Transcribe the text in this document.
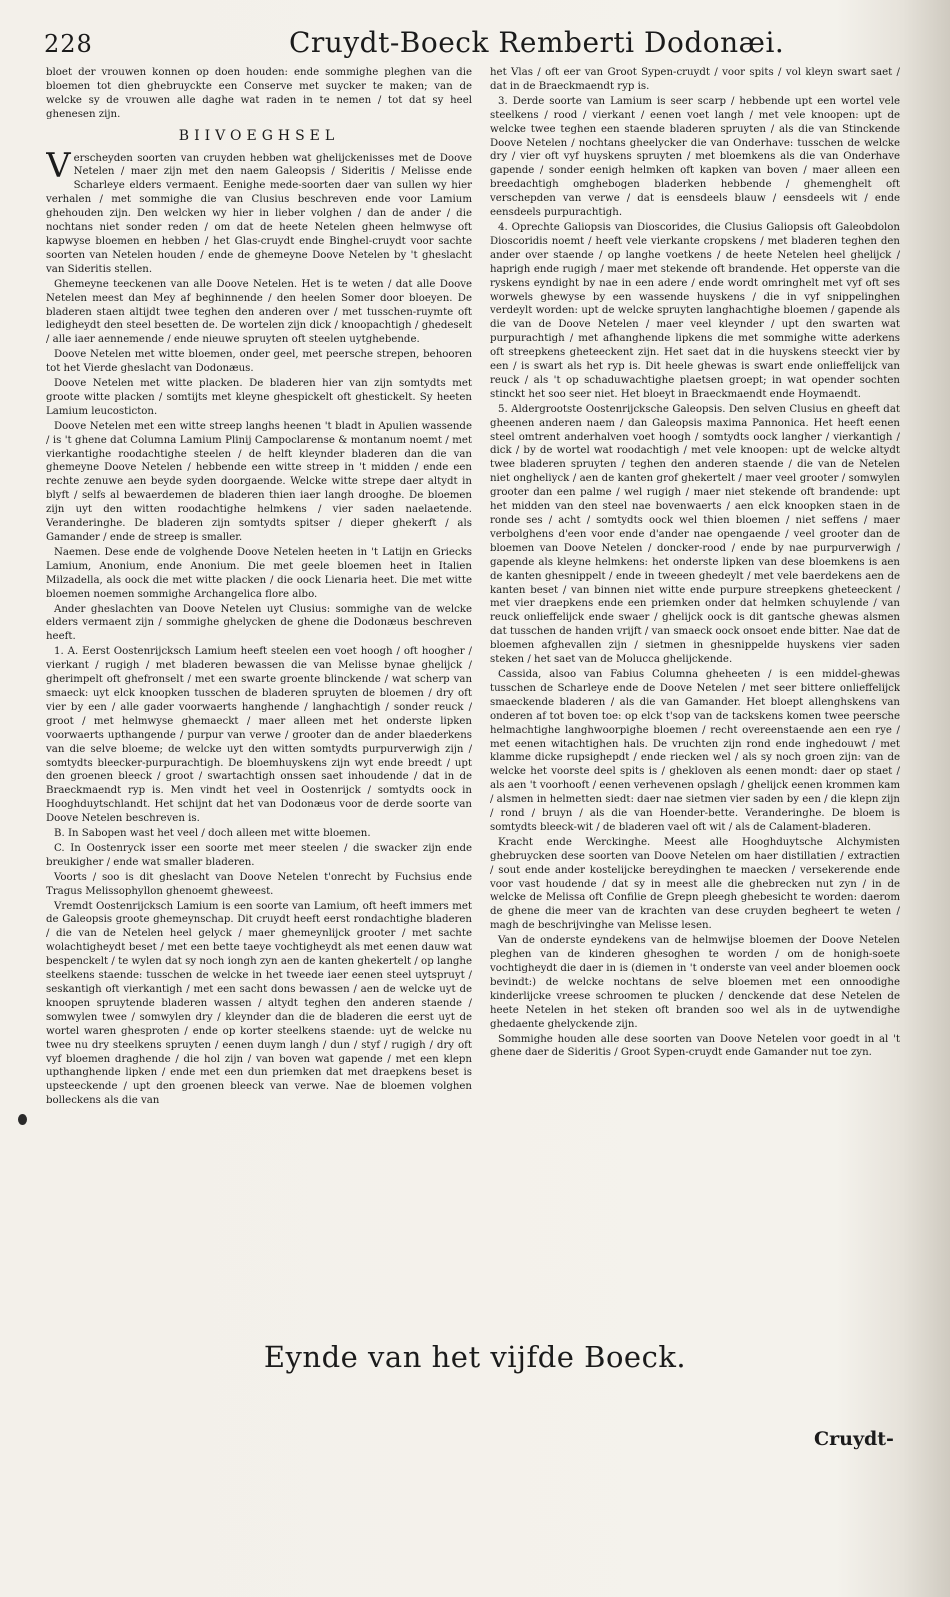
228	Cruydt-Boeck Remberti Dodonæi.

bloet der vrouwen konnen op doen houden: ende sommighe pleghen van die bloemen tot dien ghebruyckte een Conserve met suycker te maken; van de welcke sy de vrouwen alle daghe wat raden in te nemen / tot dat sy heel ghenesen zijn.

BIIVOEGHSEL

Verscheyden soorten van cruyden hebben wat ghelijckenisses met de Doove Netelen / maer zijn met den naem Galeopsis / Sideritis / Melisse ende Scharleye elders vermaent. Eenighe mede-soorten daer van sullen wy hier verhalen / met sommighe die van Clusius beschreven ende voor Lamium ghehouden zijn. Den welcken wy hier in lieber volghen / dan de ander / die nochtans niet sonder reden / om dat de heete Netelen gheen helmwyse oft kapwyse bloemen en hebben / het Glas-cruydt ende Binghel-cruydt voor sachte soorten van Netelen houden / ende de ghemeyne Doove Netelen by 't gheslacht van Sideritis stellen.

Ghemeyne teeckenen van alle Doove Netelen. Het is te weten / dat alle Doove Netelen meest dan Mey af beghinnende / den heelen Somer door bloeyen. De bladeren staen altijdt twee teghen den anderen over / met tusschen-ruymte oft ledigheydt den steel besetten de. De wortelen zijn dick / knoopachtigh / ghedeselt / alle iaer aennemende / ende nieuwe spruyten oft steelen uytghebende.

Doove Netelen met witte bloemen, onder geel, met peersche strepen, behooren tot het Vierde gheslacht van Dodonæus.

Doove Netelen met witte placken. De bladeren hier van zijn somtydts met groote witte placken / somtijts met kleyne ghespickelt oft ghestickelt. Sy heeten Lamium leucosticton.

Doove Netelen met een witte streep langhs heenen 't bladt in Apulien wassende / is 't ghene dat Columna Lamium Plinij Campoclarense & montanum noemt / met vierkantighe roodachtighe steelen / de helft kleynder bladeren dan die van ghemeyne Doove Netelen / hebbende een witte streep in 't midden / ende een rechte zenuwe aen beyde syden doorgaende. Welcke witte strepe daer altydt in blyft / selfs al bewaerdemen de bladeren thien iaer langh drooghe. De bloemen zijn uyt den witten roodachtighe helmkens / vier saden naelaetende. Veranderinghe. De bladeren zijn somtydts spitser / dieper ghekerft / als Gamander / ende de streep is smaller.

Naemen. Dese ende de volghende Doove Netelen heeten in 't Latijn en Griecks Lamium, Anonium, ende Anonium. Die met geele bloemen heet in Italien Milzadella, als oock die met witte placken / die oock Lienaria heet. Die met witte bloemen noemen sommighe Archangelica flore albo.

Ander gheslachten van Doove Netelen uyt Clusius: sommighe van de welcke elders vermaent zijn / sommighe ghelycken de ghene die Dodonæus beschreven heeft.

1. A. Eerst Oostenrijcksch Lamium heeft steelen een voet hoogh / oft hoogher / vierkant / rugigh / met bladeren bewassen die van Melisse bynae ghelijck / gherimpelt oft ghefronselt / met een swarte groente blinckende / wat scherp van smaeck: uyt elck knoopken tusschen de bladeren spruyten de bloemen / dry oft vier by een / alle gader voorwaerts hanghende / langhachtigh / sonder reuck / groot / met helmwyse ghemaeckt / maer alleen met het onderste lipken voorwaerts upthangende / purpur van verwe / grooter dan de ander blaederkens van die selve bloeme; de welcke uyt den witten somtydts purpurverwigh zijn / somtydts bleecker-purpurachtigh. De bloemhuyskens zijn wyt ende breedt / upt den groenen bleeck / groot / swartachtigh onssen saet inhoudende / dat in de Braeckmaendt ryp is. Men vindt het veel in Oostenrijck / somtydts oock in Hooghduytschlandt. Het schijnt dat het van Dodonæus voor de derde soorte van Doove Netelen beschreven is.

B. In Sabopen wast het veel / doch alleen met witte bloemen.

C. In Oostenryck isser een soorte met meer steelen / die swacker zijn ende breukigher / ende wat smaller bladeren.

Voorts / soo is dit gheslacht van Doove Netelen t'onrecht by Fuchsius ende Tragus Melissophyllon ghenoemt gheweest.

Vremdt Oostenrijcksch Lamium is een soorte van Lamium, oft heeft immers met de Galeopsis groote ghemeynschap. Dit cruydt heeft eerst rondachtighe bladeren / die van de Netelen heel gelyck / maer ghemeynlijck grooter / met sachte wolachtigheydt beset / met een bette taeye vochtigheydt als met eenen dauw wat bespenckelt / te wylen dat sy noch iongh zyn aen de kanten ghekertelt / op langhe steelkens staende: tusschen de welcke in het tweede iaer eenen steel uytspruyt / seskantigh oft vierkantigh / met een sacht dons bewassen / aen de welcke uyt de knoopen spruytende bladeren wassen / altydt teghen den anderen staende / somwylen twee / somwylen dry / kleynder dan die de bladeren die eerst uyt de wortel waren ghesproten / ende op korter steelkens staende: uyt de welcke nu twee nu dry steelkens spruyten / eenen duym langh / dun / styf / rugigh / dry oft vyf bloemen draghende / die hol zijn / van boven wat gapende / met een klepn upthanghende lipken / ende met een dun priemken dat met draepkens beset is upsteeckende / upt den groenen bleeck van verwe. Nae de bloemen volghen bolleckens als die van

het Vlas / oft eer van Groot Sypen-cruydt / voor spits / vol kleyn swart saet / dat in de Braeckmaendt ryp is.

3. Derde soorte van Lamium is seer scarp / hebbende upt een wortel vele steelkens / rood / vierkant / eenen voet langh / met vele knoopen: upt de welcke twee teghen een staende bladeren spruyten / als die van Stinckende Doove Netelen / nochtans gheelycker die van Onderhave: tusschen de welcke dry / vier oft vyf huyskens spruyten / met bloemkens als die van Onderhave gapende / sonder eenigh helmken oft kapken van boven / maer alleen een breedachtigh omghebogen bladerken hebbende / ghemenghelt oft verschepden van verwe / dat is eensdeels blauw / eensdeels wit / ende eensdeels purpurachtigh.

4. Oprechte Galiopsis van Dioscorides, die Clusius Galiopsis oft Galeobdolon Dioscoridis noemt / heeft vele vierkante cropskens / met bladeren teghen den ander over staende / op langhe voetkens / de heete Netelen heel ghelijck / haprigh ende rugigh / maer met stekende oft brandende. Het opperste van die ryskens eyndight by nae in een adere / ende wordt omringhelt met vyf oft ses worwels ghewyse by een wassende huyskens / die in vyf snippelinghen verdeylt worden: upt de welcke spruyten langhachtighe bloemen / gapende als die van de Doove Netelen / maer veel kleynder / upt den swarten wat purpurachtigh / met afhanghende lipkens die met sommighe witte aderkens oft streepkens gheteeckent zijn. Het saet dat in die huyskens steeckt vier by een / is swart als het ryp is. Dit heele ghewas is swart ende onlieffelijck van reuck / als 't op schaduwachtighe plaetsen groept; in wat opender sochten stinckt het soo seer niet. Het bloeyt in Braeckmaendt ende Hoymaendt.

5. Aldergrootste Oostenrijcksche Galeopsis. Den selven Clusius en gheeft dat gheenen anderen naem / dan Galeopsis maxima Pannonica. Het heeft eenen steel omtrent anderhalven voet hoogh / somtydts oock langher / vierkantigh / dick / by de wortel wat roodachtigh / met vele knoopen: upt de welcke altydt twee bladeren spruyten / teghen den anderen staende / die van de Netelen niet ongheliyck / aen de kanten grof ghekertelt / maer veel grooter / somwylen grooter dan een palme / wel rugigh / maer niet stekende oft brandende: upt het midden van den steel nae bovenwaerts / aen elck knoopken staen in de ronde ses / acht / somtydts oock wel thien bloemen / niet seffens / maer verbolghens d'een voor ende d'ander nae opengaende / veel grooter dan de bloemen van Doove Netelen / doncker-rood / ende by nae purpurverwigh / gapende als kleyne helmkens: het onderste lipken van dese bloemkens is aen de kanten ghesnippelt / ende in tweeen ghedeylt / met vele baerdekens aen de kanten beset / van binnen niet witte ende purpure streepkens gheteeckent / met vier draepkens ende een priemken onder dat helmken schuylende / van reuck onlieffelijck ende swaer / ghelijck oock is dit gantsche ghewas alsmen dat tusschen de handen vrijft / van smaeck oock onsoet ende bitter. Nae dat de bloemen afghevallen zijn / sietmen in ghesnippelde huyskens vier saden steken / het saet van de Molucca ghelijckende.

Cassida, alsoo van Fabius Columna gheheeten / is een middel-ghewas tusschen de Scharleye ende de Doove Netelen / met seer bittere onlieffelijck smaeckende bladeren / als die van Gamander. Het bloept allenghskens van onderen af tot boven toe: op elck t'sop van de tackskens komen twee peersche helmachtighe langhwoorpighe bloemen / recht overeenstaende aen een rye / met eenen witachtighen hals. De vruchten zijn rond ende inghedouwt / met klamme dicke rupsighepdt / ende riecken wel / als sy noch groen zijn: van de welcke het voorste deel spits is / ghekloven als eenen mondt: daer op staet / als aen 't voorhooft / eenen verhevenen opslagh / ghelijck eenen krommen kam / alsmen in helmetten siedt: daer nae sietmen vier saden by een / die klepn zijn / rond / bruyn / als die van Hoender-bette. Veranderinghe. De bloem is somtydts bleeck-wit / de bladeren vael oft wit / als de Calament-bladeren.

Kracht ende Werckinghe. Meest alle Hooghduytsche Alchymisten ghebruycken dese soorten van Doove Netelen om haer distillatien / extractien / sout ende ander kostelijcke bereydinghen te maecken / versekerende ende voor vast houdende / dat sy in meest alle die ghebrecken nut zyn / in de welcke de Melissa oft Confilie de Grepn pleegh ghebesicht te worden: daerom de ghene die meer van de krachten van dese cruyden begheert te weten / magh de beschrijvinghe van Melisse lesen.

Van de onderste eyndekens van de helmwijse bloemen der Doove Netelen pleghen van de kinderen ghesoghen te worden / om de honigh-soete vochtigheydt die daer in is (diemen in 't onderste van veel ander bloemen oock bevindt:) de welcke nochtans de selve bloemen met een onnoodighe kinderlijcke vreese schroomen te plucken / denckende dat dese Netelen de heete Netelen in het steken oft branden soo wel als in de uytwendighe ghedaente ghelyckende zijn.

Sommighe houden alle dese soorten van Doove Netelen voor goedt in al 't ghene daer de Sideritis / Groot Sypen-cruydt ende Gamander nut toe zyn.

Eynde van het vijfde Boeck.
Cruydt-
